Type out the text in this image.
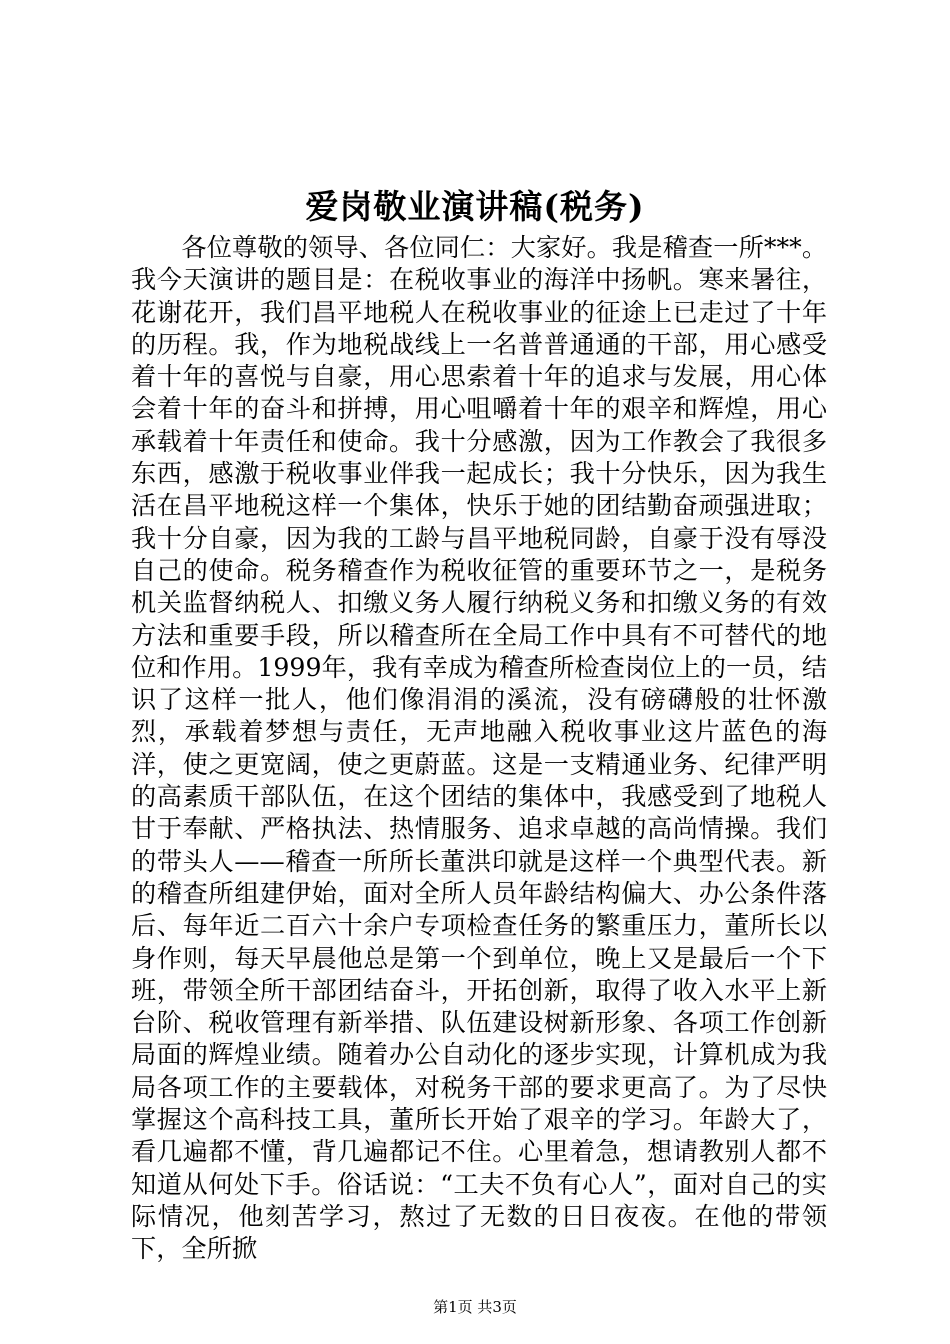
爱岗敬业演讲稿(税务)

各位尊敬的领导、各位同仁：大家好。我是稽查一所***。我今天演讲的题目是：在税收事业的海洋中扬帆。寒来暑往，花谢花开，我们昌平地税人在税收事业的征途上已走过了十年的历程。我，作为地税战线上一名普普通通的干部，用心感受着十年的喜悦与自豪，用心思索着十年的追求与发展，用心体会着十年的奋斗和拼搏，用心咀嚼着十年的艰辛和辉煌，用心承载着十年责任和使命。我十分感激，因为工作教会了我很多东西，感激于税收事业伴我一起成长；我十分快乐，因为我生活在昌平地税这样一个集体，快乐于她的团结勤奋顽强进取；我十分自豪，因为我的工龄与昌平地税同龄，自豪于没有辱没自己的使命。税务稽查作为税收征管的重要环节之一，是税务机关监督纳税人、扣缴义务人履行纳税义务和扣缴义务的有效方法和重要手段，所以稽查所在全局工作中具有不可替代的地位和作用。1999年，我有幸成为稽查所检查岗位上的一员，结识了这样一批人，他们像涓涓的溪流，没有磅礴般的壮怀激烈，承载着梦想与责任，无声地融入税收事业这片蓝色的海洋，使之更宽阔，使之更蔚蓝。这是一支精通业务、纪律严明的高素质干部队伍，在这个团结的集体中，我感受到了地税人甘于奉献、严格执法、热情服务、追求卓越的高尚情操。我们的带头人——稽查一所所长董洪印就是这样一个典型代表。新的稽查所组建伊始，面对全所人员年龄结构偏大、办公条件落后、每年近二百六十余户专项检查任务的繁重压力，董所长以身作则，每天早晨他总是第一个到单位，晚上又是最后一个下班，带领全所干部团结奋斗，开拓创新，取得了收入水平上新台阶、税收管理有新举措、队伍建设树新形象、各项工作创新局面的辉煌业绩。随着办公自动化的逐步实现，计算机成为我局各项工作的主要载体，对税务干部的要求更高了。为了尽快掌握这个高科技工具，董所长开始了艰辛的学习。年龄大了，看几遍都不懂，背几遍都记不住。心里着急，想请教别人都不知道从何处下手。俗话说：“工夫不负有心人”，面对自己的实际情况，他刻苦学习，熬过了无数的日日夜夜。在他的带领下，全所掀

第1页 共3页
